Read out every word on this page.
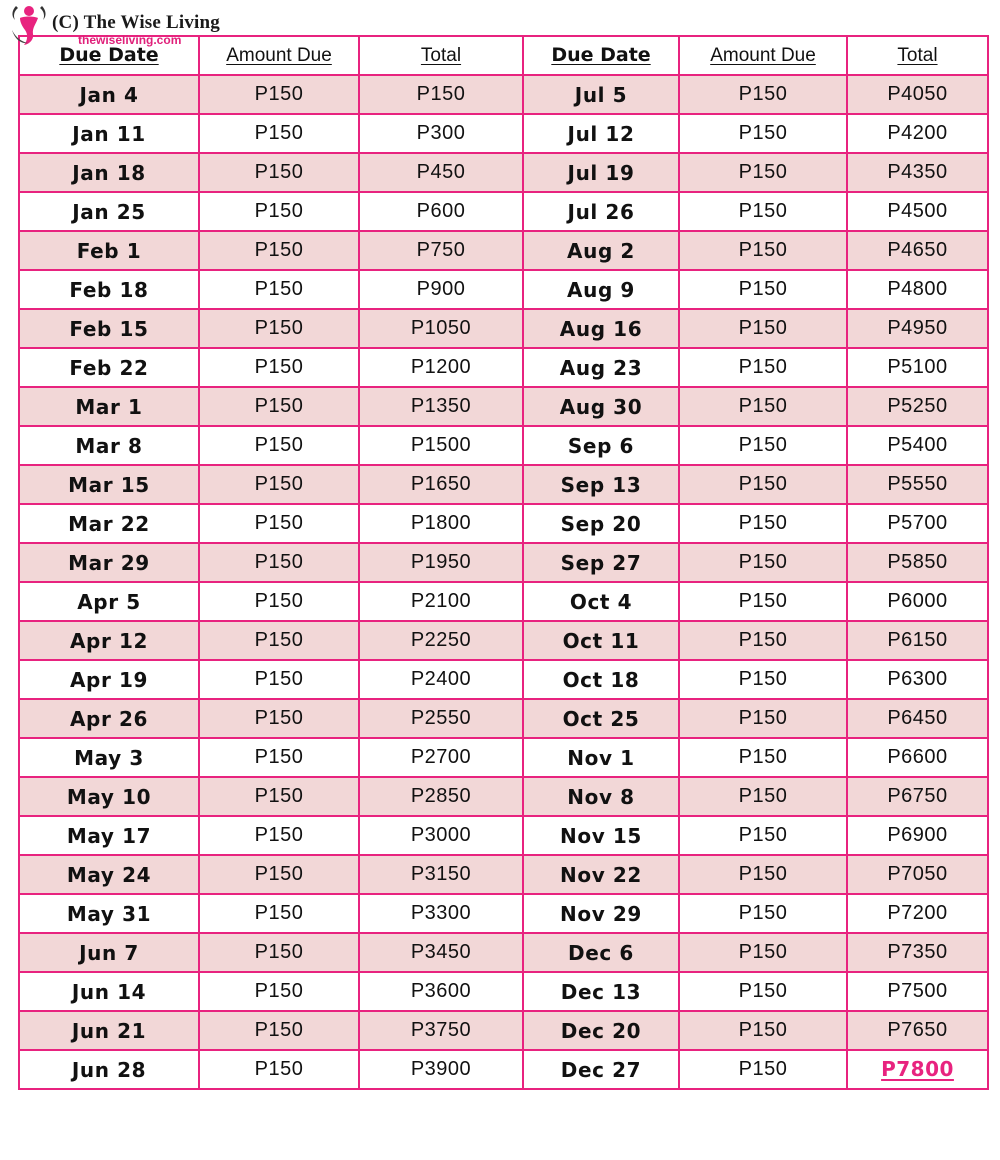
(C) The Wise Living
thewiseliving.com
Due Date	Amount Due	Total	Due Date	Amount Due	Total
Jan 4	P150	P150	Jul 5	P150	P4050
Jan 11	P150	P300	Jul 12	P150	P4200
Jan 18	P150	P450	Jul 19	P150	P4350
Jan 25	P150	P600	Jul 26	P150	P4500
Feb 1	P150	P750	Aug 2	P150	P4650
Feb 18	P150	P900	Aug 9	P150	P4800
Feb 15	P150	P1050	Aug 16	P150	P4950
Feb 22	P150	P1200	Aug 23	P150	P5100
Mar 1	P150	P1350	Aug 30	P150	P5250
Mar 8	P150	P1500	Sep 6	P150	P5400
Mar 15	P150	P1650	Sep 13	P150	P5550
Mar 22	P150	P1800	Sep 20	P150	P5700
Mar 29	P150	P1950	Sep 27	P150	P5850
Apr 5	P150	P2100	Oct 4	P150	P6000
Apr 12	P150	P2250	Oct 11	P150	P6150
Apr 19	P150	P2400	Oct 18	P150	P6300
Apr 26	P150	P2550	Oct 25	P150	P6450
May 3	P150	P2700	Nov 1	P150	P6600
May 10	P150	P2850	Nov 8	P150	P6750
May 17	P150	P3000	Nov 15	P150	P6900
May 24	P150	P3150	Nov 22	P150	P7050
May 31	P150	P3300	Nov 29	P150	P7200
Jun 7	P150	P3450	Dec 6	P150	P7350
Jun 14	P150	P3600	Dec 13	P150	P7500
Jun 21	P150	P3750	Dec 20	P150	P7650
Jun 28	P150	P3900	Dec 27	P150	P7800
